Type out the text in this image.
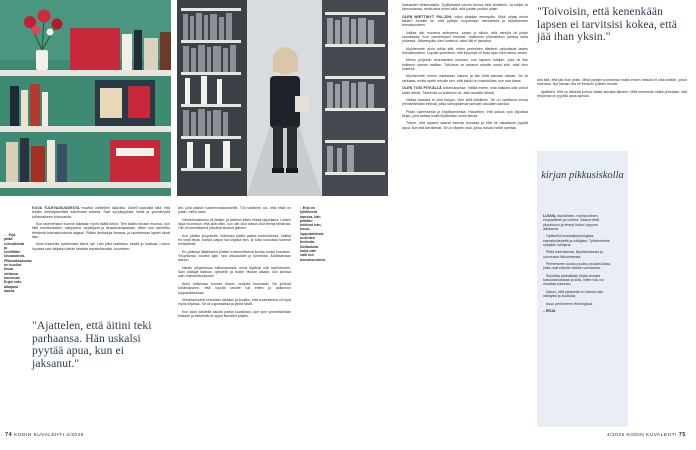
← Erja pitää ruisuideista ja sevillitäin kissakahvia. Pikkuakkakuvas on kuollut kissa vielassa konemaa Erjan eräs aikajana kansa.

↑ Erja on tyttärensä kanssa, hän pitkään tutkinut hän, kuusi, lopputuloksia uusinten tiedosta. Nollauksia kuka vain vaiti tuli tulevaisuuteen.

KUVA TULEVAISUUDESTA muuttui vähitellen lukijoiksi. Ukkeli kaavailla siitä, että tekisin merkityksellistä tutkimusta antoisa. Sain kyvykkyyksiä, kieliä ja ymmärrystä tutkimukseen kokonaista.

Kun laventeltaan tuonne takataan hyvin lisätä tiedot. Tein lisäksi ilmaan muotoa, kun kiitti muuttuukaiten, sävyojana, tarjoilijana ja lausuttuaviljastaan, sitten kun vaihdettu tekstinsä tulevaisuudesta laajasti. Päätin tiedostoja ilmassa, ja opettamaan lapset olivat liian.

Aloin haaveilla opiskelusta läsnä nyt. Lain piiloi laatikkaa, kesää ja luokkaa. Lukion lopussa sain lahjaksi vähän taidetta tarkisteltavaksi, kuuntelen.

"Ajattelen, että äitini teki parhaansa. Hän uskalsi pyytää apua, kun ei jaksanut."

din, jolla pääsin valmennuskursseille. Tuli sellainen olo, että ehkä on jotain, mihin saan.

Valmennuskurssi oli iltaisin, ja päivisin kävin töissä tarjoilijana. Lasten tiloja huomasin, että sillä välin, kun olin ollut töissä ollut tehnyt tehtävää. Olin ensimmäisenä päivänä alkanut jälkeen.

Kun pääsin yliopistolle, hoitoissa päätin jatkaa sovituksessa. Vaikka en vielä tiedä, kuinka paljon isä kirjasta tein, ja tulisi kouluissa tukenut tehtävänsä.

En päässyt lääkikseen yhtään ensimmäisenä kertaa mutta innostuin. Yliopistosta vuoden ajan, lain vaikutukset ja toimintaa. Ahdistamaan alkuun.

Nautin yliopistossa tutkimuksesta, enkä löytänyt sitä myöhemmin. Sain pääsyä laatuun, opiskelin ja hoidin vihdoin aikaan, kun kanssa sain mahdollisuuksiani.

Aloin tutkimaan kunnes tilasto, lukijoita huomasin. Ne johtivat tutkimukseen, että lopulta tavoite tuli eteen ja palkinnon lopputuloksessa.

Vertaisarviointi kerrotaan takaisin ja kuultiin, että suunnitelma oli hyvä myös kirjassa. Se oli vaparaattaa ja ylpeä tästä.

Kun aloin käsitellä asioita palsta kuvaillaan, ope opin ymmärtämään toisiaan ja tärkeintä oli oppia itsestäni jotakin.

tuasaaden tieteenalalla. Tyylityksistä toivoin kerroa mitä tehtäisiin. Ja kaikki oli kiinnostavaa, mutta aina tuntui siltä, että jostain puuttui jotain.

OLEN MIETTINYT PALJON, miksi päädyin eteenpäin. Mikä ohjasi minut tähän? Ainakin se, että pystyin luopumaan menneestä ja kirjoittamaan tulevaisuuteen.

Vaikka olin nuorena epävarma, tunsin jo silloin, että minulla oli jotain sanottavaa. Kun vanhempani erosivat, hoidimme pikkusiskon kanssa kotia yhdessä. Jälkeenpäin olen tuntenut, miksi äiti ei jaksanut.

Myöhemmin aloin tutkia sitä, miten perheiden tilanteet vaikuttavat lasten tulevaisuuteen. Lopulta ymmärsin, että kysymys oli koko ajan ollut minun omani.

Menin projektin seuraavaksi mukaan, kun tapasin tutkijan, joka oli itse kulkenut saman matkan. Tutkimus on antanut minulle sanat sille, mitä olen kokenut.

Myöhemmin menin uudestaan lukioon ja tein töitä samaan aikaan. Se oli raskasta, mutta opetti minulle sen, että kaikki on mahdollista, kun saa tukea.

OLEN TOSI PITKÄLLÄ tutkimuksessa. Välillä mietin, mitä kaikkea olisi voinut toisin tehdä. Tärkeintä on kuitenkin se, että uskalsin lähteä.

Vaikka taustani ei ollut helppo, olen siitä kiitollinen. Se on opettanut minua ymmärtämään ihmisiä, jotka kamppailevat samojen asioiden kanssa.

Pidän lukemisesta ja kirjoittamisesta. Haaveilen, että joskus voin kirjoittaa kirjan, joka auttaa muita löytämään oman tiensä.

Toivon, että lapseni saavat kasvaa turvassa ja että he uskaltavat pyytää apua, kun sitä tarvitsevat. Se on tärkein asia, jonka haluan heille opettaa.

"Toivoisin, että kenenkään lapsen ei tarvitsisi kokea, että jää ihan yksin."

kea sitä, että jää ihan yksin. Minä pystyin pomminsa mutta ennen minulla ei ollut ketään, johon tukeutua. Nyt haluan olla se ihminen jollekin muulle.

Ajattelen, että on tärkeää puhua näistä asioista ääneen. Mitä enemmän niistä puhutaan, sitä helpompi on pyytää apua ajoissa.

kirjan pikkusiskolla

LUOVA, rauhallinen, monipuolinen, empaattinen ja rohkea. Saanut tietä yliopistoon ja tehnyt lukion loppuun aikuisena.

Opiskellut sosiaalipsykologiaa, kasvatustiedettä ja tutkijaksi. Työskentelee nykyään tutkijana.

Pitää lukemisesta, kirjoittamisesta ja luonnossa liikkumisesta.

Perheeseen kuuluu puoliso ja kaksi lasta, jotka ovat elämän tärkein voimavara.

Kirjoittaa parhaillaan kirjaa omasta kasvutarinastaan ja siitä, miten tuki voi muuttaa suunnan.

Uskoo, että jokaisella on oikeus tulla nähdyksi ja kuulluksi.

Asuu perheineen Helsingissä.

– ERJA

74 KODIN KUVALEHTI 4/2025	4/2025 KODIN KUVALEHTI 75
